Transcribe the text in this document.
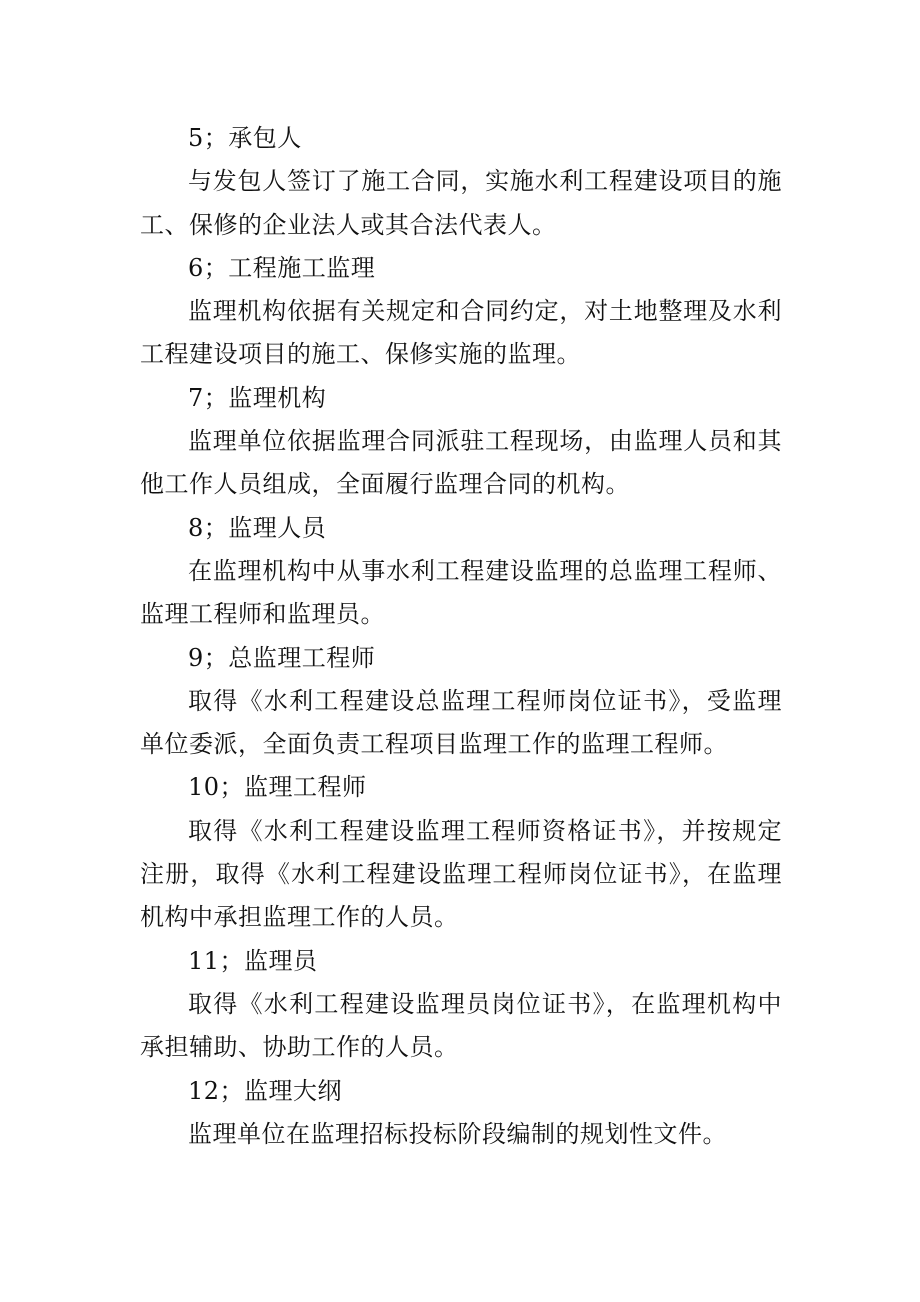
5；承包人

与发包人签订了施工合同，实施水利工程建设项目的施工、保修的企业法人或其合法代表人。

6；工程施工监理

监理机构依据有关规定和合同约定，对土地整理及水利工程建设项目的施工、保修实施的监理。

7；监理机构

监理单位依据监理合同派驻工程现场，由监理人员和其他工作人员组成，全面履行监理合同的机构。

8；监理人员

在监理机构中从事水利工程建设监理的总监理工程师、监理工程师和监理员。

9；总监理工程师

取得《水利工程建设总监理工程师岗位证书》，受监理单位委派，全面负责工程项目监理工作的监理工程师。

10；监理工程师

取得《水利工程建设监理工程师资格证书》，并按规定注册，取得《水利工程建设监理工程师岗位证书》，在监理机构中承担监理工作的人员。

11；监理员

取得《水利工程建设监理员岗位证书》，在监理机构中承担辅助、协助工作的人员。

12；监理大纲

监理单位在监理招标投标阶段编制的规划性文件。
